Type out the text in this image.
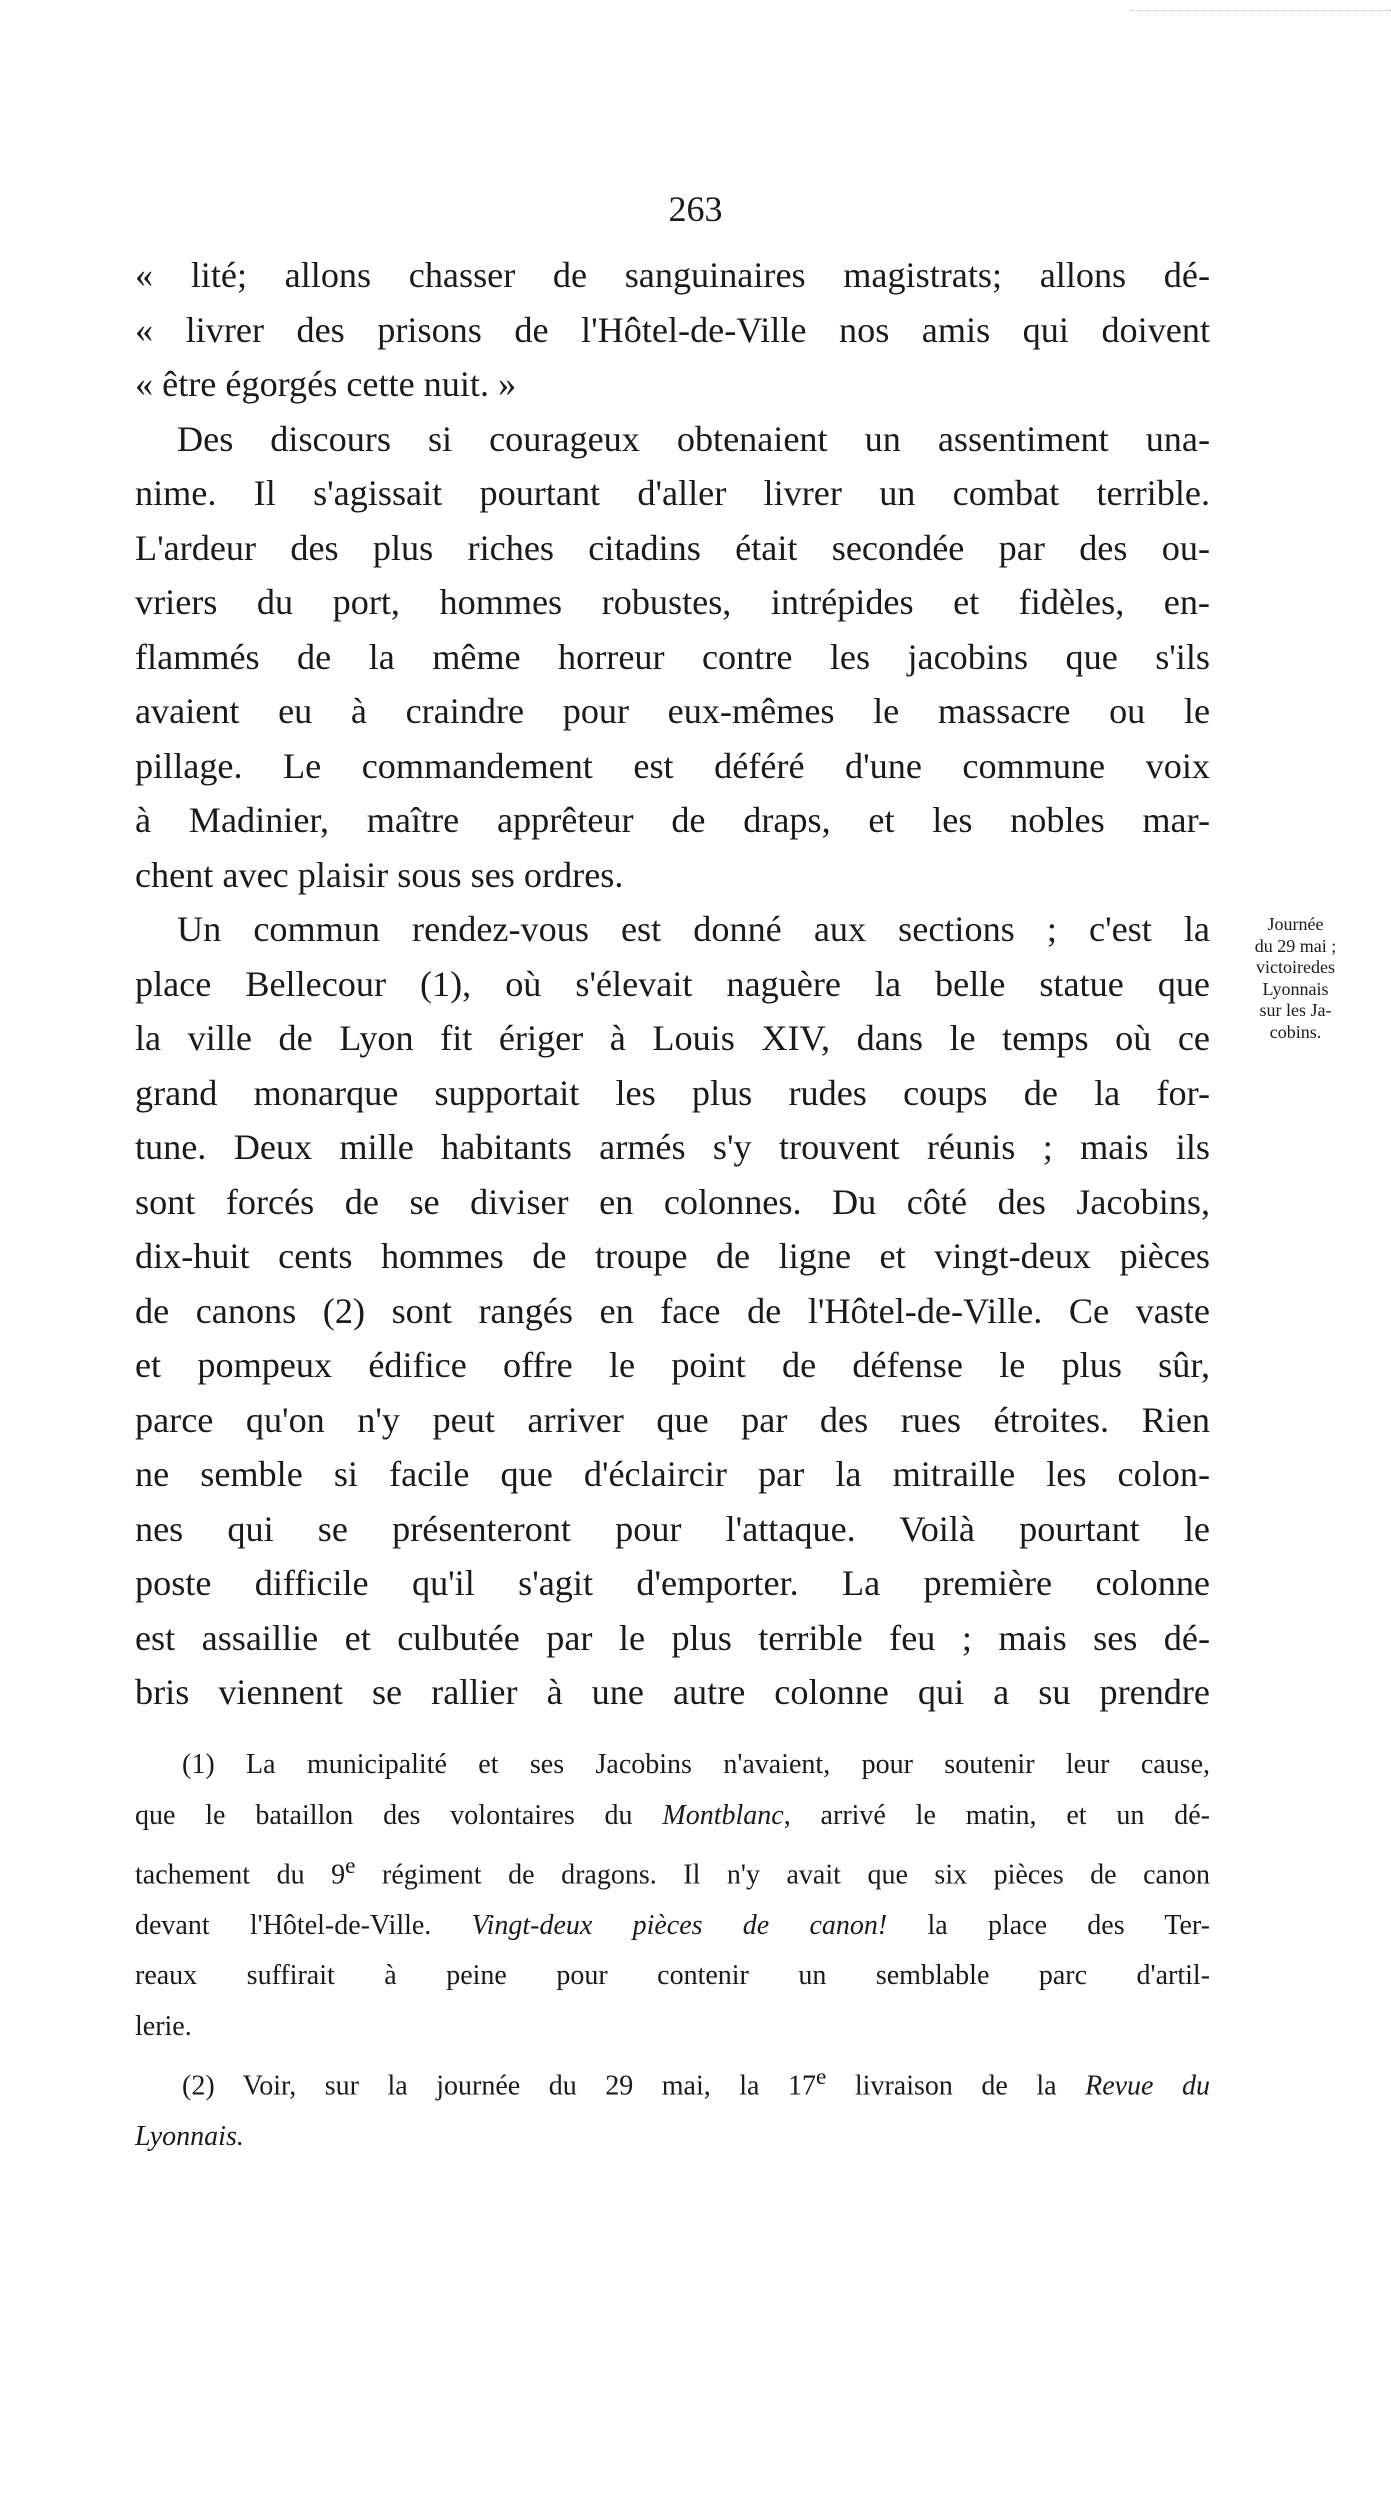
263
« lité; allons chasser de sanguinaires magistrats; allons dé-
« livrer des prisons de l'Hôtel-de-Ville nos amis qui doivent
« être égorgés cette nuit. »
Des discours si courageux obtenaient un assentiment una-
nime. Il s'agissait pourtant d'aller livrer un combat terrible.
L'ardeur des plus riches citadins était secondée par des ou-
vriers du port, hommes robustes, intrépides et fidèles, en-
flammés de la même horreur contre les jacobins que s'ils
avaient eu à craindre pour eux-mêmes le massacre ou le
pillage. Le commandement est déféré d'une commune voix
à Madinier, maître apprêteur de draps, et les nobles mar-
chent avec plaisir sous ses ordres.
Un commun rendez-vous est donné aux sections ; c'est la
place Bellecour (1), où s'élevait naguère la belle statue que
la ville de Lyon fit ériger à Louis XIV, dans le temps où ce
grand monarque supportait les plus rudes coups de la for-
tune. Deux mille habitants armés s'y trouvent réunis ; mais ils
sont forcés de se diviser en colonnes. Du côté des Jacobins,
dix-huit cents hommes de troupe de ligne et vingt-deux pièces
de canons (2) sont rangés en face de l'Hôtel-de-Ville. Ce vaste
et pompeux édifice offre le point de défense le plus sûr,
parce qu'on n'y peut arriver que par des rues étroites. Rien
ne semble si facile que d'éclaircir par la mitraille les colon-
nes qui se présenteront pour l'attaque. Voilà pourtant le
poste difficile qu'il s'agit d'emporter. La première colonne
est assaillie et culbutée par le plus terrible feu ; mais ses dé-
bris viennent se rallier à une autre colonne qui a su prendre
Journée
du 29 mai ;
victoiredes
Lyonnais
sur les Ja-
cobins.
(1) La municipalité et ses Jacobins n'avaient, pour soutenir leur cause,
que le bataillon des volontaires du Montblanc, arrivé le matin, et un dé-
tachement du 9e régiment de dragons. Il n'y avait que six pièces de canon
devant l'Hôtel-de-Ville. Vingt-deux pièces de canon! la place des Ter-
reaux suffirait à peine pour contenir un semblable parc d'artil-
lerie.
(2) Voir, sur la journée du 29 mai, la 17e livraison de la Revue du
Lyonnais.
